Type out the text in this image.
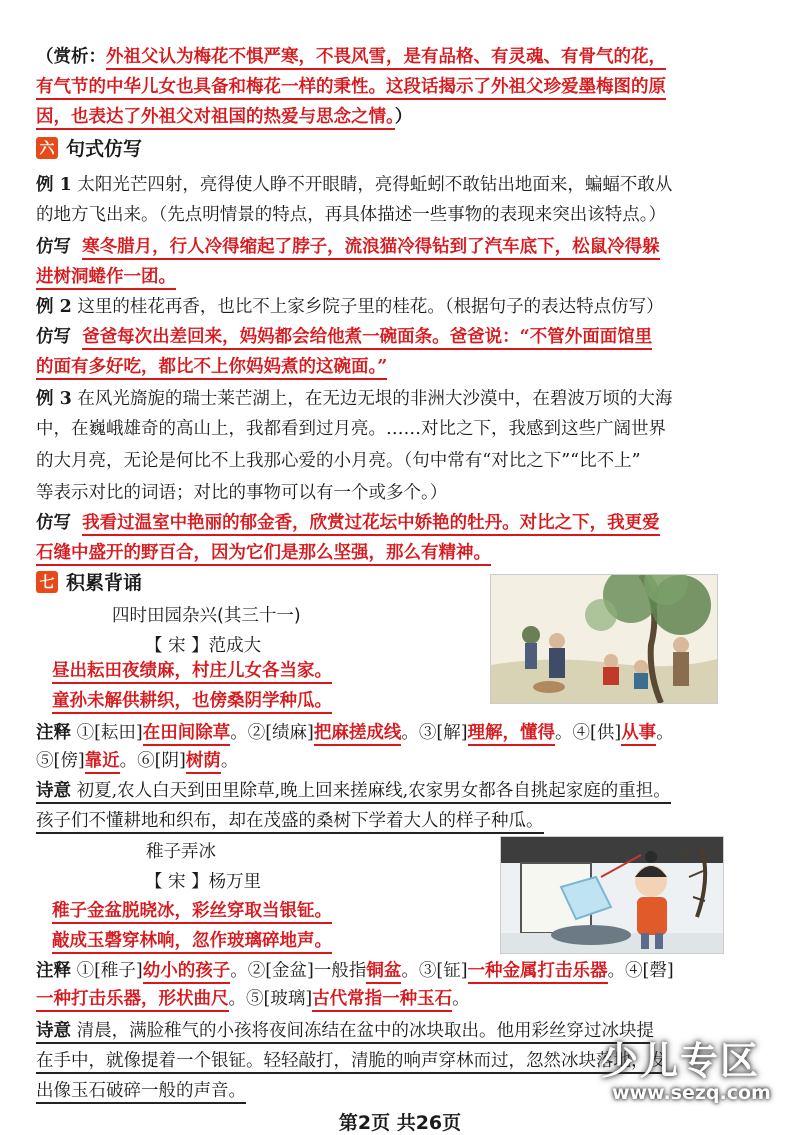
（赏析：外祖父认为梅花不惧严寒，不畏风雪，是有品格、有灵魂、有骨气的花，
有气节的中华儿女也具备和梅花一样的秉性。这段话揭示了外祖父珍爱墨梅图的原
因，也表达了外祖父对祖国的热爱与思念之情。）
六 句式仿写
例 1 太阳光芒四射，亮得使人睁不开眼睛，亮得蚯蚓不敢钻出地面来，蝙蝠不敢从
的地方飞出来。（先点明情景的特点，再具体描述一些事物的表现来突出该特点。）
仿写 寒冬腊月，行人冷得缩起了脖子，流浪猫冷得钻到了汽车底下，松鼠冷得躲
进树洞蜷作一团。
例 2 这里的桂花再香，也比不上家乡院子里的桂花。（根据句子的表达特点仿写）
仿写 爸爸每次出差回来，妈妈都会给他煮一碗面条。爸爸说：“不管外面面馆里
的面有多好吃，都比不上你妈妈煮的这碗面。”
例 3 在风光旖旎的瑞士莱芒湖上，在无边无垠的非洲大沙漠中，在碧波万顷的大海
中，在巍峨雄奇的高山上，我都看到过月亮。……对比之下，我感到这些广阔世界
的大月亮，无论是何比不上我那心爱的小月亮。（句中常有“对比之下”“比不上”
等表示对比的词语；对比的事物可以有一个或多个。）
仿写 我看过温室中艳丽的郁金香，欣赏过花坛中娇艳的牡丹。对比之下，我更爱
石缝中盛开的野百合，因为它们是那么坚强，那么有精神。
七 积累背诵
四时田园杂兴(其三十一)
【 宋 】范成大
昼出耘田夜绩麻，村庄儿女各当家。
童孙未解供耕织，也傍桑阴学种瓜。
注释 ①[耘田]在田间除草。②[绩麻]把麻搓成线。③[解]理解，懂得。④[供]从事。
⑤[傍]靠近。⑥[阴]树荫。
诗意 初夏,农人白天到田里除草,晚上回来搓麻线,农家男女都各自挑起家庭的重担。
孩子们不懂耕地和织布，却在茂盛的桑树下学着大人的样子种瓜。
稚子弄冰
【 宋 】杨万里
稚子金盆脱晓冰，彩丝穿取当银钲。
敲成玉磬穿林响，忽作玻璃碎地声。
注释 ①[稚子]幼小的孩子。②[金盆]一般指铜盆。③[钲]一种金属打击乐器。④[磬]
一种打击乐器，形状曲尺。⑤[玻璃]古代常指一种玉石。
诗意 清晨，满脸稚气的小孩将夜间冻结在盆中的冰块取出。他用彩丝穿过冰块提
在手中，就像提着一个银钲。轻轻敲打，清脆的响声穿林而过，忽然冰块落地，发
出像玉石破碎一般的声音。
少儿专区
www.sezq.com
第2页 共26页
